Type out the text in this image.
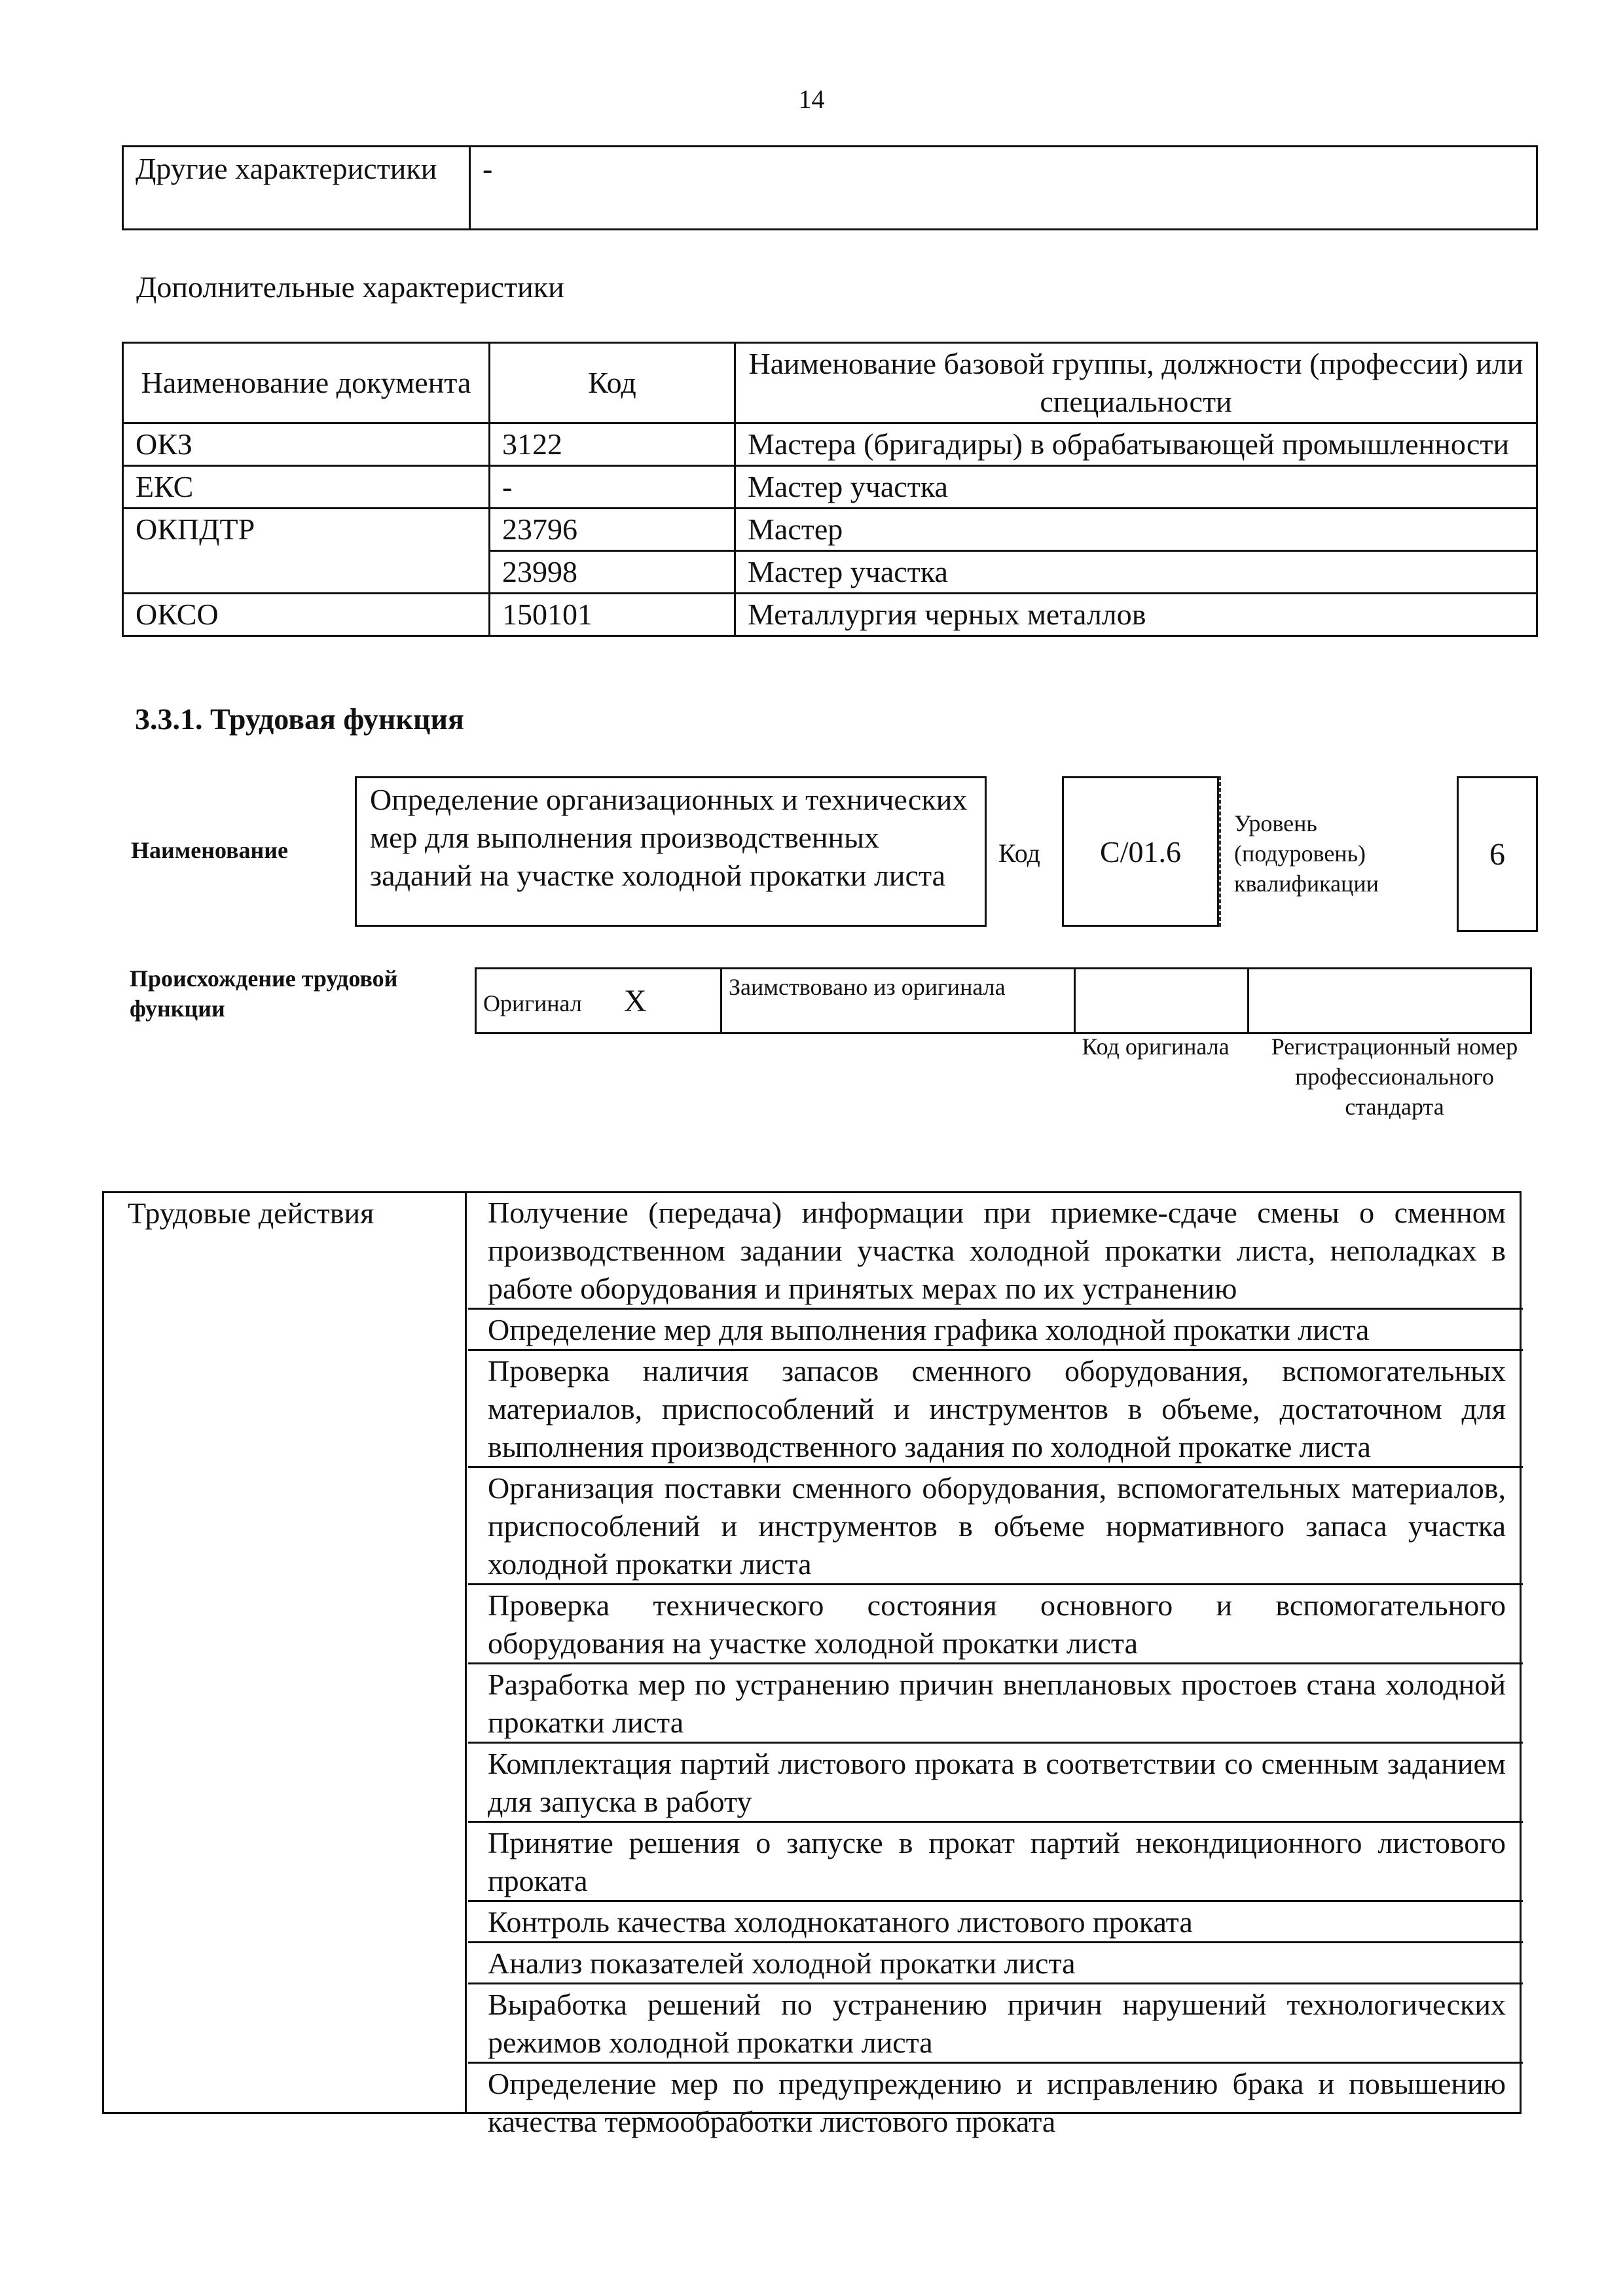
14
Другие характеристики	-
Дополнительные характеристики
Наименование документа	Код	Наименование базовой группы, должности (профессии) или специальности
ОКЗ	3122	Мастера (бригадиры) в обрабатывающей промышленности
ЕКС	-	Мастер участка
ОКПДТР	23796	Мастер
	23998	Мастер участка
ОКСО	150101	Металлургия черных металлов
3.3.1. Трудовая функция
Наименование
Определение организационных и технических мер для выполнения производственных заданий на участке холодной прокатки листа
Код	C/01.6
Уровень (подуровень) квалификации
6
Происхождение трудовой функции	Оригинал X	Заимствовано из оригинала		
Код оригинала	Регистрационный номер профессионального стандарта
Трудовые действия	Получение (передача) информации при приемке-сдаче смены о сменном производственном задании участка холодной прокатки листа, неполадках в работе оборудования и принятых мерах по их устранению
Определение мер для выполнения графика холодной прокатки листа
Проверка наличия запасов сменного оборудования, вспомогательных материалов, приспособлений и инструментов в объеме, достаточном для выполнения производственного задания по холодной прокатке листа
Организация поставки сменного оборудования, вспомогательных материалов, приспособлений и инструментов в объеме нормативного запаса участка холодной прокатки листа
Проверка технического состояния основного и вспомогательного оборудования на участке холодной прокатки листа
Разработка мер по устранению причин внеплановых простоев стана холодной прокатки листа
Комплектация партий листового проката в соответствии со сменным заданием для запуска в работу
Принятие решения о запуске в прокат партий некондиционного листового проката
Контроль качества холоднокатаного листового проката
Анализ показателей холодной прокатки листа
Выработка решений по устранению причин нарушений технологических режимов холодной прокатки листа
Определение мер по предупреждению и исправлению брака и повышению качества термообработки листового проката
